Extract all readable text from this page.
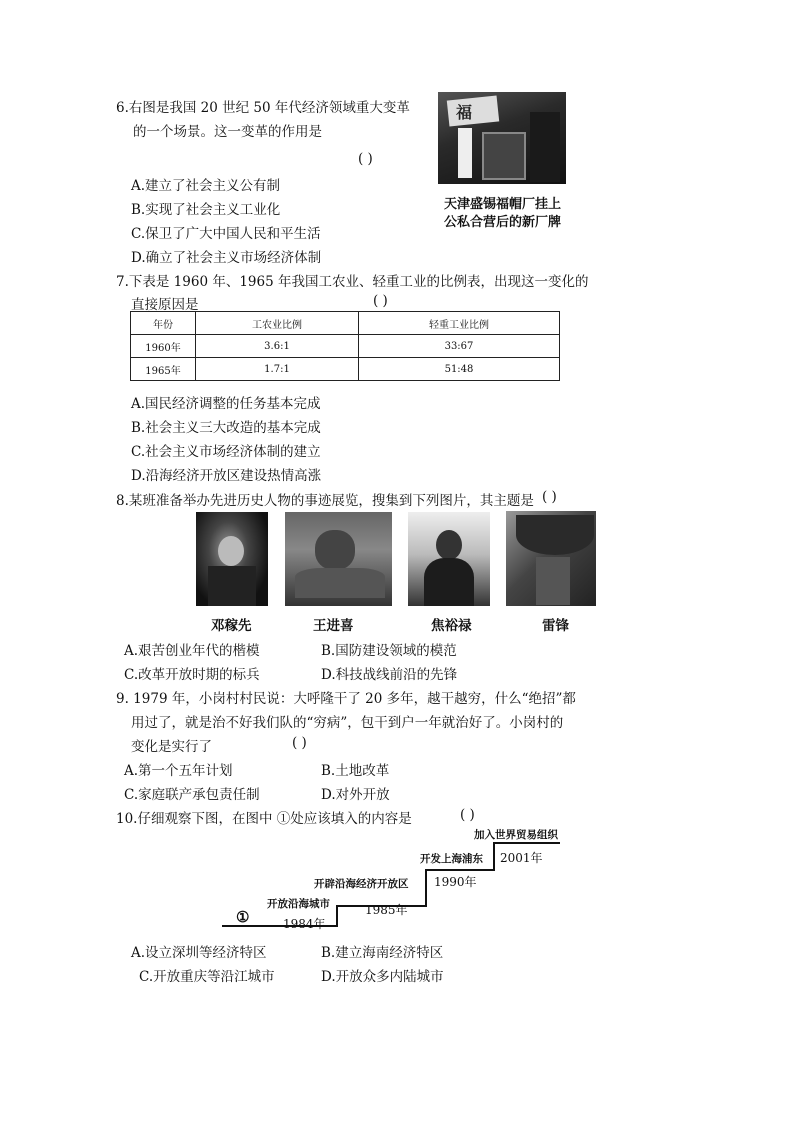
6.右图是我国 20 世纪 50 年代经济领域重大变革
的一个场景。这一变革的作用是
( )
A.建立了社会主义公有制
B.实现了社会主义工业化
C.保卫了广大中国人民和平生活
D.确立了社会主义市场经济体制
福
天津盛锡福帽厂挂上
公私合营后的新厂牌
7.下表是 1960 年、1965 年我国工农业、轻重工业的比例表，出现这一变化的
直接原因是	( )
年份	工农业比例	轻重工业比例
1960年	3.6:1	33:67
1965年	1.7:1	51:48
A.国民经济调整的任务基本完成
B.社会主义三大改造的基本完成
C.社会主义市场经济体制的建立
D.沿海经济开放区建设热情高涨
8.某班准备举办先进历史人物的事迹展览，搜集到下列图片，其主题是 ( )
邓稼先	王进喜	焦裕禄	雷锋
A.艰苦创业年代的楷模	B.国防建设领域的模范
C.改革开放时期的标兵	D.科技战线前沿的先锋
9. 1979 年，小岗村村民说：大呼隆干了 20 多年，越干越穷，什么“绝招”都
用过了，就是治不好我们队的“穷病”，包干到户一年就治好了。小岗村的
变化是实行了	( )
A.第一个五年计划	B.土地改革
C.家庭联产承包责任制	D.对外开放
10.仔细观察下图，在图中 ①处应该填入的内容是	( )
①
开放沿海城市
1984年
开辟沿海经济开放区
1985年
开发上海浦东
1990年
加入世界贸易组织
2001年
A.设立深圳等经济特区	B.建立海南经济特区
C.开放重庆等沿江城市	D.开放众多内陆城市
